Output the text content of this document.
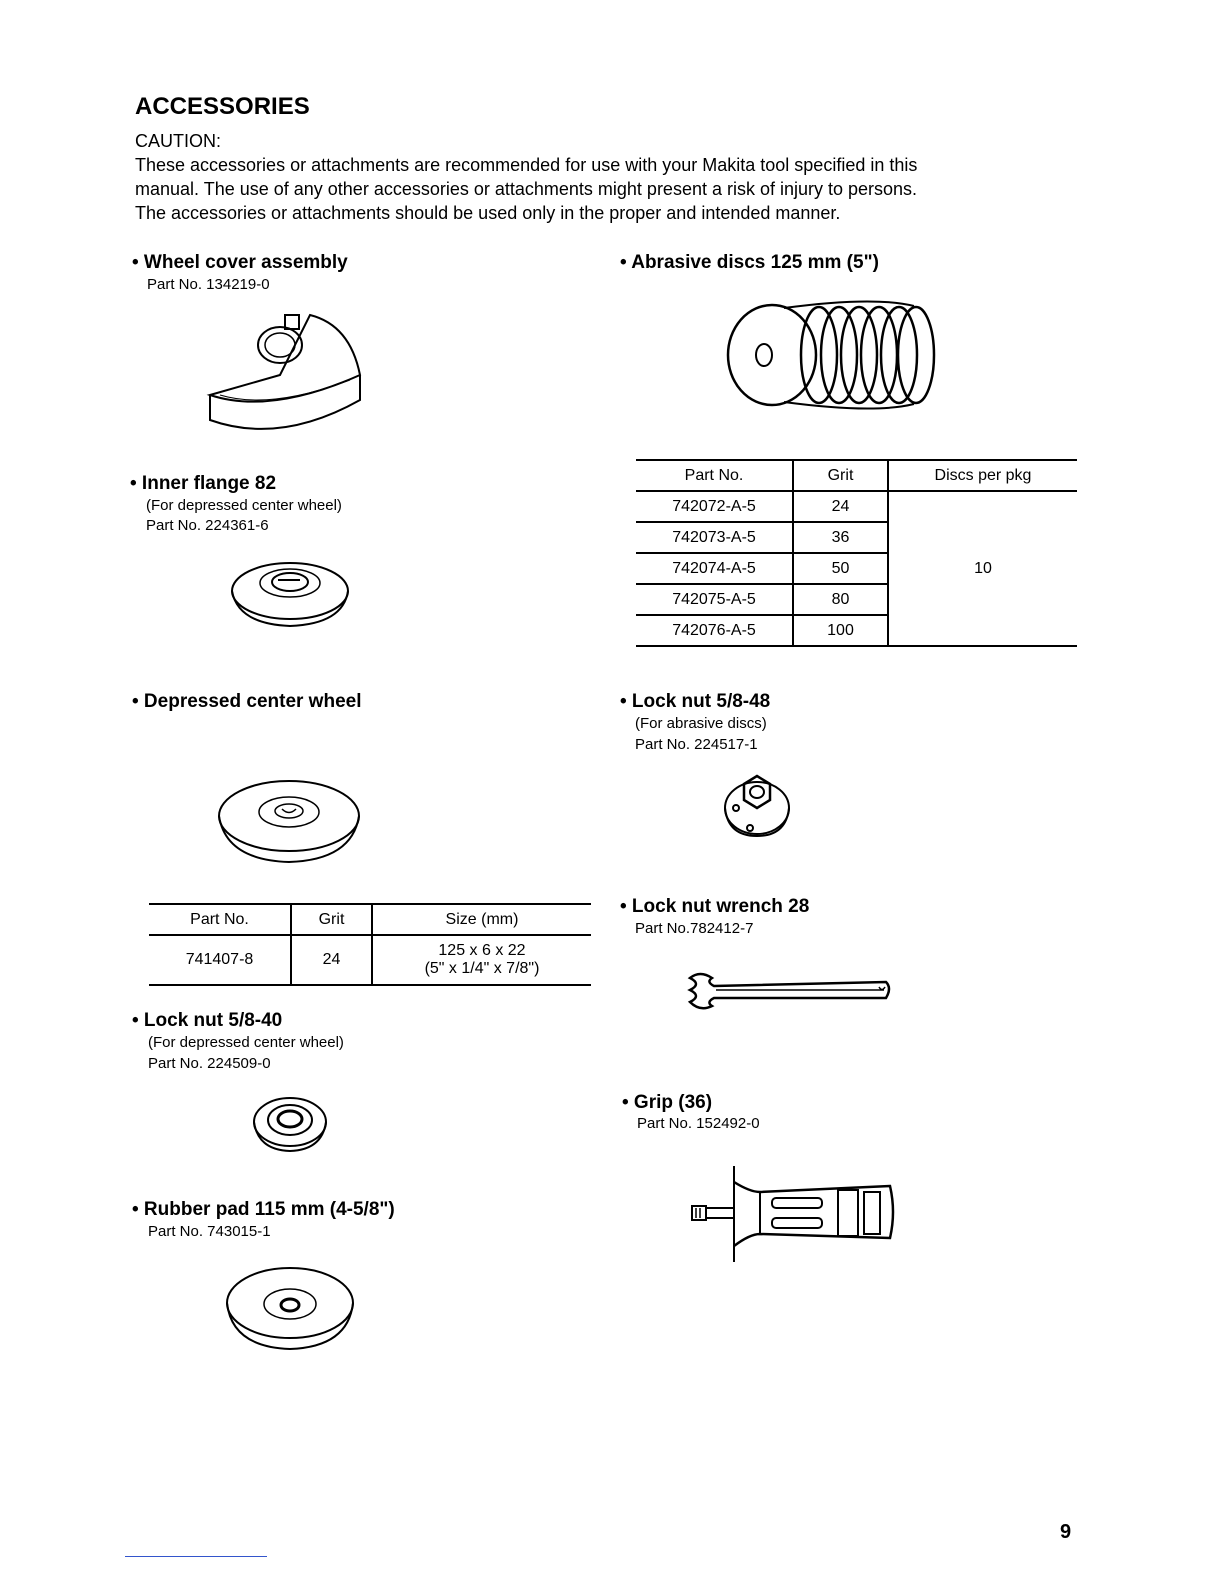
ACCESSORIES
CAUTION:
These accessories or attachments are recommended for use with your Makita tool specified in this
manual. The use of any other accessories or attachments might present a risk of injury to persons.
The accessories or attachments should be used only in the proper and intended manner.
• Wheel cover assembly
Part No. 134219-0
• Inner flange 82
(For depressed center wheel)
Part No. 224361-6
• Depressed center wheel
Part No.	Grit	Size (mm)
741407-8	24	125 x 6 x 22
(5" x 1/4" x 7/8")
• Lock nut 5/8-40
(For depressed center wheel)
Part No. 224509-0
• Rubber pad 115 mm (4-5/8")
Part No. 743015-1
• Abrasive discs 125 mm (5")
Part No.	Grit	Discs per pkg
742072-A-5	24	10
742073-A-5	36	
742074-A-5	50	
742075-A-5	80	
742076-A-5	100	
• Lock nut 5/8-48
(For abrasive discs)
Part No. 224517-1
• Lock nut wrench 28
Part No.782412-7
• Grip (36)
Part No. 152492-0
9
